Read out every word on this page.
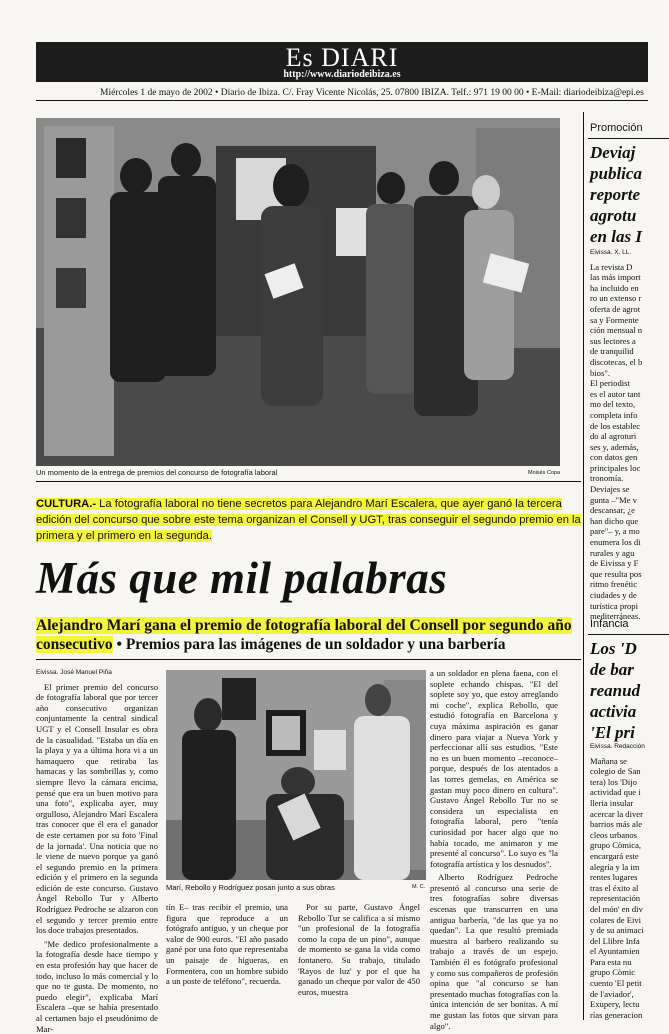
Es DIARI
http://www.diariodeibiza.es
Miércoles 1 de mayo de 2002 • Diario de Ibiza. C/. Fray Vicente Nicolás, 25. 07800 IBIZA. Telf.: 971 19 00 00 • E-Mail: diariodeibiza@epi.es
Un momento de la entrega de premios del concurso de fotografía laboral	Moisés Copa
CULTURA.- La fotografía laboral no tiene secretos para Alejandro Marí Escalera, que ayer ganó la tercera edición del concurso que sobre este tema organizan el Consell y UGT, tras conseguir el segundo premio en la primera y el primero en la segunda.
Más que mil palabras
Alejandro Marí gana el premio de fotografía laboral del Consell por segundo año consecutivo • Premios para las imágenes de un soldador y una barbería
Eivissa. José Manuel Piña

El primer premio del concurso de fotografía laboral que por tercer año consecutivo organizan conjuntamente la central sindical UGT y el Consell Insular es obra de la casualidad. "Estaba un día en la playa y ya a última hora vi a un hamaquero que retiraba las hamacas y las sombrillas y, como siempre llevo la cámara encima, pensé que era un buen motivo para una foto", explicaba ayer, muy orgulloso, Alejandro Marí Escalera tras conocer que él era el ganador de este certamen por su foto 'Final de la jornada'. Una noticia que no le viene de nuevo porque ya ganó el segundo premio en la primera edición y el primero en la segunda edición de este concurso. Gustavo Ángel Rebollo Tur y Alberto Rodríguez Pedroche se alzaron con el segundo y tercer premio entre los doce trabajos presentados.

"Me dedico profesionalmente a la fotografía desde hace tiempo y en esta profesión hay que hacer de todo, incluso lo más comercial y lo que no te gusta. De momento, no puedo elegir", explicaba Marí Escalera –que se había presentado al certamen bajo el pseudónimo de Mar-

Marí, Rebollo y Rodríguez posan junto a sus obras	M. C.

tín E– tras recibir el premio, una figura que reproduce a un fotógrafo antiguo, y un cheque por valor de 900 euros. "El año pasado gané por una foto que representaba un paisaje de higueras, en Formentera, con un hombre subido a un poste de teléfono", recuerda.

Por su parte, Gustavo Ángel Rebollo Tur se califica a sí mismo "un profesional de la fotografía como la copa de un pino", aunque de momento se gana la vida como fontanero. Su trabajo, titulado 'Rayos de luz' y por el que ha ganado un cheque por valor de 450 euros, muestra

a un soldador en plena faena, con el soplete echando chispas. "El del soplete soy yo, que estoy arreglando mi coche", explica Rebollo, que estudió fotografía en Barcelona y cuya máxima aspiración es ganar dinero para viajar a Nueva York y perfeccionar allí sus estudios. "Este no es un buen momento –reconoce– porque, después de los atentados a las torres gemelas, en América se gastan muy poco dinero en cultura". Gustavo Ángel Rebollo Tur no se considera un especialista en fotografía laboral, pero "tenía curiosidad por hacer algo que no había tocado, me animaron y me presenté al concurso". Lo suyo es "la fotografía artística y los desnudos".

Alberto Rodríguez Pedroche presentó al concurso una serie de tres fotografías sobre diversas escenas que transcurren en una antigua barbería, "de las que ya no quedan". La que resultó premiada muestra al barbero realizando su trabajo a través de un espejo. También él es fotógrafo profesional y como sus compañeros de profesión opina que "al concurso se han presentado muchas fotografías con la única intención de ser bonitas. A mí me gustan las fotos que sirvan para algo".

Promoción
Deviaj
publica
reporte
agrotu
en las I
Eivissa. X. LL.
La revista D
las más import
ha incluido en
ro un extenso r
oferta de agrot
sa y Formente
ción mensual n
sus lectores a
de tranquilid
discotecas, el b
bios".
El periodist
es el autor tant
mo del texto,
completa info
de los establec
do al agroturi
ses y, además,
con datos gen
principales loc
tronomía.
Deviajes se
gunta –"Me v
descansar, ¿e
han dicho que
pare"– y, a mo
enumera los di
rurales y agu
de Eivissa y F
que resulta pos
ritmo frenétic
ciudades y de
turística propi
mediterráneas.
Infancia
Los 'D
de bar
reanud
activia
'El pri
Eivissa. Redacción
Mañana se
colegio de San
tera) los 'Dijo
actividad que i
lleria insular
acercar la diver
barrios más ale
cleos urbanos
grupo Còmica,
encargará este
alegría y la im
rentes lugares
tras el éxito al
representación
del món' en div
colares de Eivi
y de su animaci
del Llibre Infa
el Ayuntamien
Para esta nu
grupo Còmic
cuento 'El petit
de l'aviador',
Exupery, lectu
rías generacion
